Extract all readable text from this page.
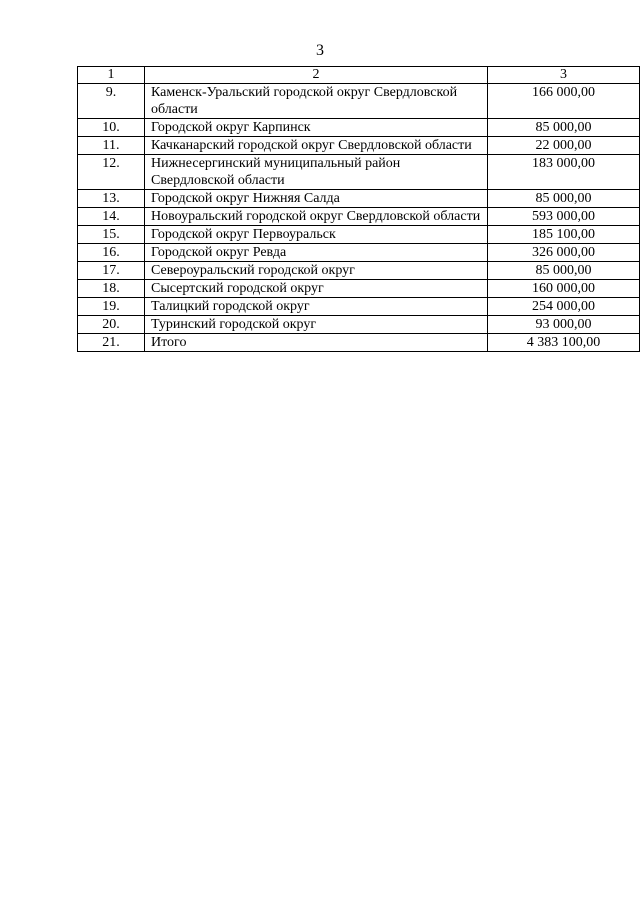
3
1	2	3
9.	Каменск-Уральский городской округ Свердловской области	166 000,00
10.	Городской округ Карпинск	85 000,00
11.	Качканарский городской округ Свердловской области	22 000,00
12.	Нижнесергинский муниципальный район Свердловской области	183 000,00
13.	Городской округ Нижняя Салда	85 000,00
14.	Новоуральский городской округ Свердловской области	593 000,00
15.	Городской округ Первоуральск	185 100,00
16.	Городской округ Ревда	326 000,00
17.	Североуральский городской округ	85 000,00
18.	Сысертский городской округ	160 000,00
19.	Талицкий городской округ	254 000,00
20.	Туринский городской округ	93 000,00
21.	Итого	4 383 100,00
